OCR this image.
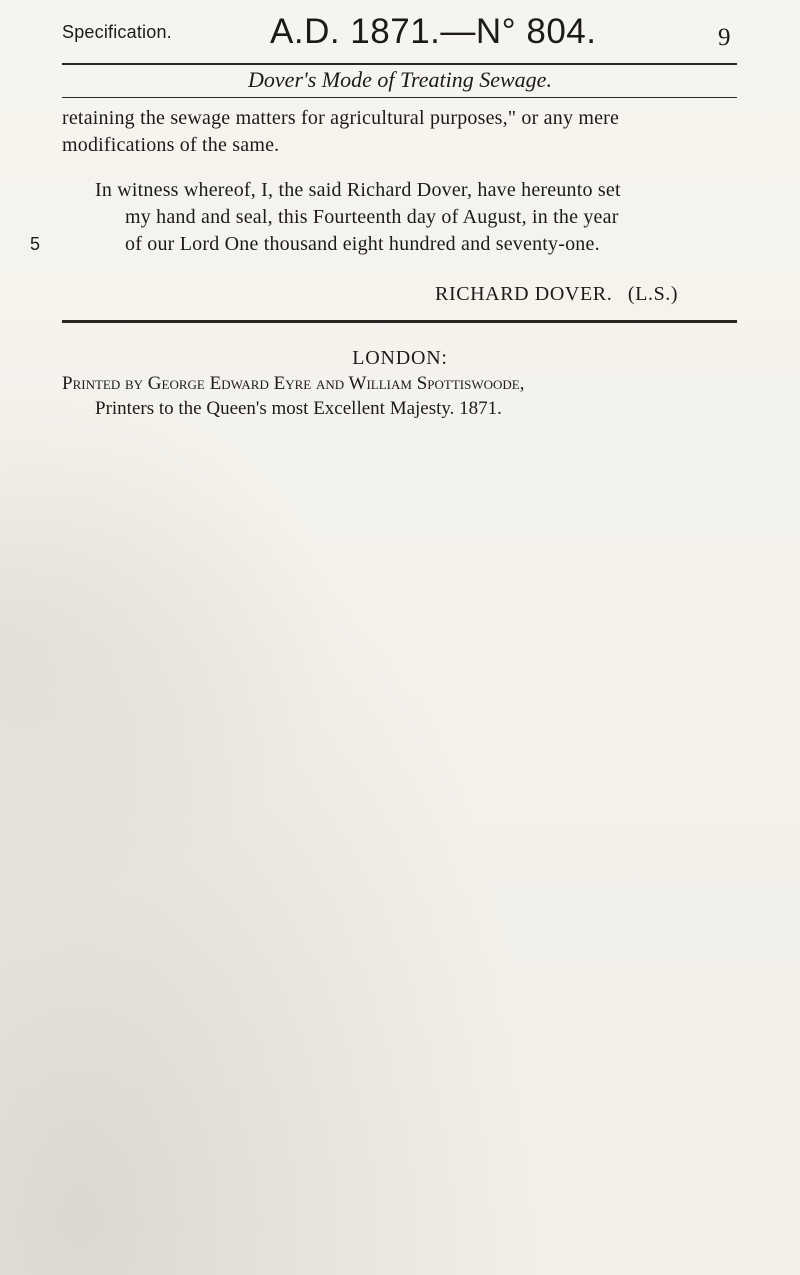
Specification.	A.D. 1871.—N° 804.	9
Dover's Mode of Treating Sewage.
retaining the sewage matters for agricultural purposes," or any mere
modifications of the same.
In witness whereof, I, the said Richard Dover, have hereunto set
my hand and seal, this Fourteenth day of August, in the year
of our Lord One thousand eight hundred and seventy-one.
5
RICHARD DOVER. (L.S.)
LONDON:
Printed by George Edward Eyre and William Spottiswoode,
Printers to the Queen's most Excellent Majesty. 1871.
